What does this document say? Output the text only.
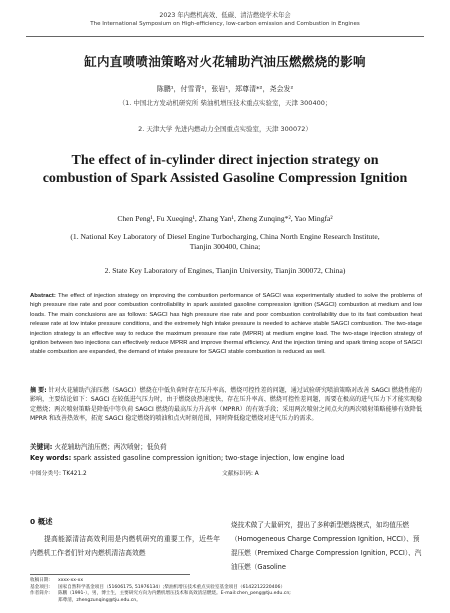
2023 年内燃机高效、低碳、清洁燃烧学术年会
The International Symposium on High-efficiency, low-carbon emission and Combustion in Engines
缸内直喷喷油策略对火花辅助汽油压燃燃烧的影响
陈鹏¹，付雪青¹，张岩¹，郑尊清*²，尧会发²
（1. 中国北方发动机研究所 柴油机增压技术重点实验室，天津 300400；
2. 天津大学 先进内燃动力全国重点实验室，天津 300072）
The effect of in-cylinder direct injection strategy on combustion of Spark Assisted Gasoline Compression Ignition
Chen Peng¹, Fu Xueqing¹, Zhang Yan¹, Zheng Zunqing*², Yao Mingfa²
(1. National Key Laboratory of Diesel Engine Turbocharging, China North Engine Research Institute, Tianjin 300400, China;
2. State Key Laboratory of Engines, Tianjin University, Tianjin 300072, China)
Abstract: The effect of injection strategy on improving the combustion performance of SAGCI was experimentally studied to solve the problems of high pressure rise rate and poor combustion controllability in spark assisted gasoline compression ignition (SAGCI) combustion at medium and low loads. The main conclusions are as follows: SAGCI has high pressure rise rate and poor combustion controllability due to its fast combustion heat release rate at low intake pressure conditions, and the extremely high intake pressure is needed to achieve stable SAGCI combustion. The two-stage injection strategy is an effective way to reduce the maximum pressure rise rate (MPRR) at medium engine load. The two-stage injection strategy of ignition between two injections can effectively reduce MPRR and improve thermal efficiency. And the injection timing and spark timing scope of SAGCI stable combustion are expanded, the demand of intake pressure for SAGCI stable combustion is reduced as well.
摘 要: 针对火花辅助汽油压燃（SAGCI）燃烧在中低负荷时存在压升率高、燃烧可控性差的问题，通过试验研究喷油策略对改善 SAGCI 燃烧性能的影响，主要结论如下：SAGCI 在较低进气压力时，由于燃烧放热速度快，存在压升率高、燃烧可控性差问题，需要在极高的进气压力下才能实现稳定燃烧；两次喷射策略是降低中等负荷 SAGCI 燃烧的最高压力升高率（MPRR）的有效手段；采用两次喷射之间点火的两次喷射策略能够有效降低 MPRR 和改善热效率，拓宽 SAGCI 稳定燃烧的喷油和点火时刻范围，同时降低稳定燃烧对进气压力的需求。
关键词: 火花辅助汽油压燃；两次喷射；低负荷
Key words: spark assisted gasoline compression ignition; two-stage injection, low engine load
中图分类号: TK421.2	文献标识码: A
0 概述
提高能源清洁高效利用是内燃机研究的重要工作，近些年内燃机工作者们针对内燃机清洁高效燃
烧技术做了大量研究，提出了多种新型燃烧模式，如均值压燃（Homogeneous Charge Compression Ignition, HCCI）、预混压燃（Premixed Charge Compression Ignition, PCCI）、汽油压燃（Gasoline
收稿日期:	xxxx-xx-xx
基金项目:	国家自然科学基金项目（51606175, 51976134）;柴油机增压技术重点实验室基金项目（6142212220406）
作者简介:	陈鹏（1991-），男，博士生，主要研究方向为内燃机增压技术和高效清洁燃烧。E-mail:chen_peng@tju.edu.cn;
郑尊清，zhengzunqing@tju.edu.cn。
